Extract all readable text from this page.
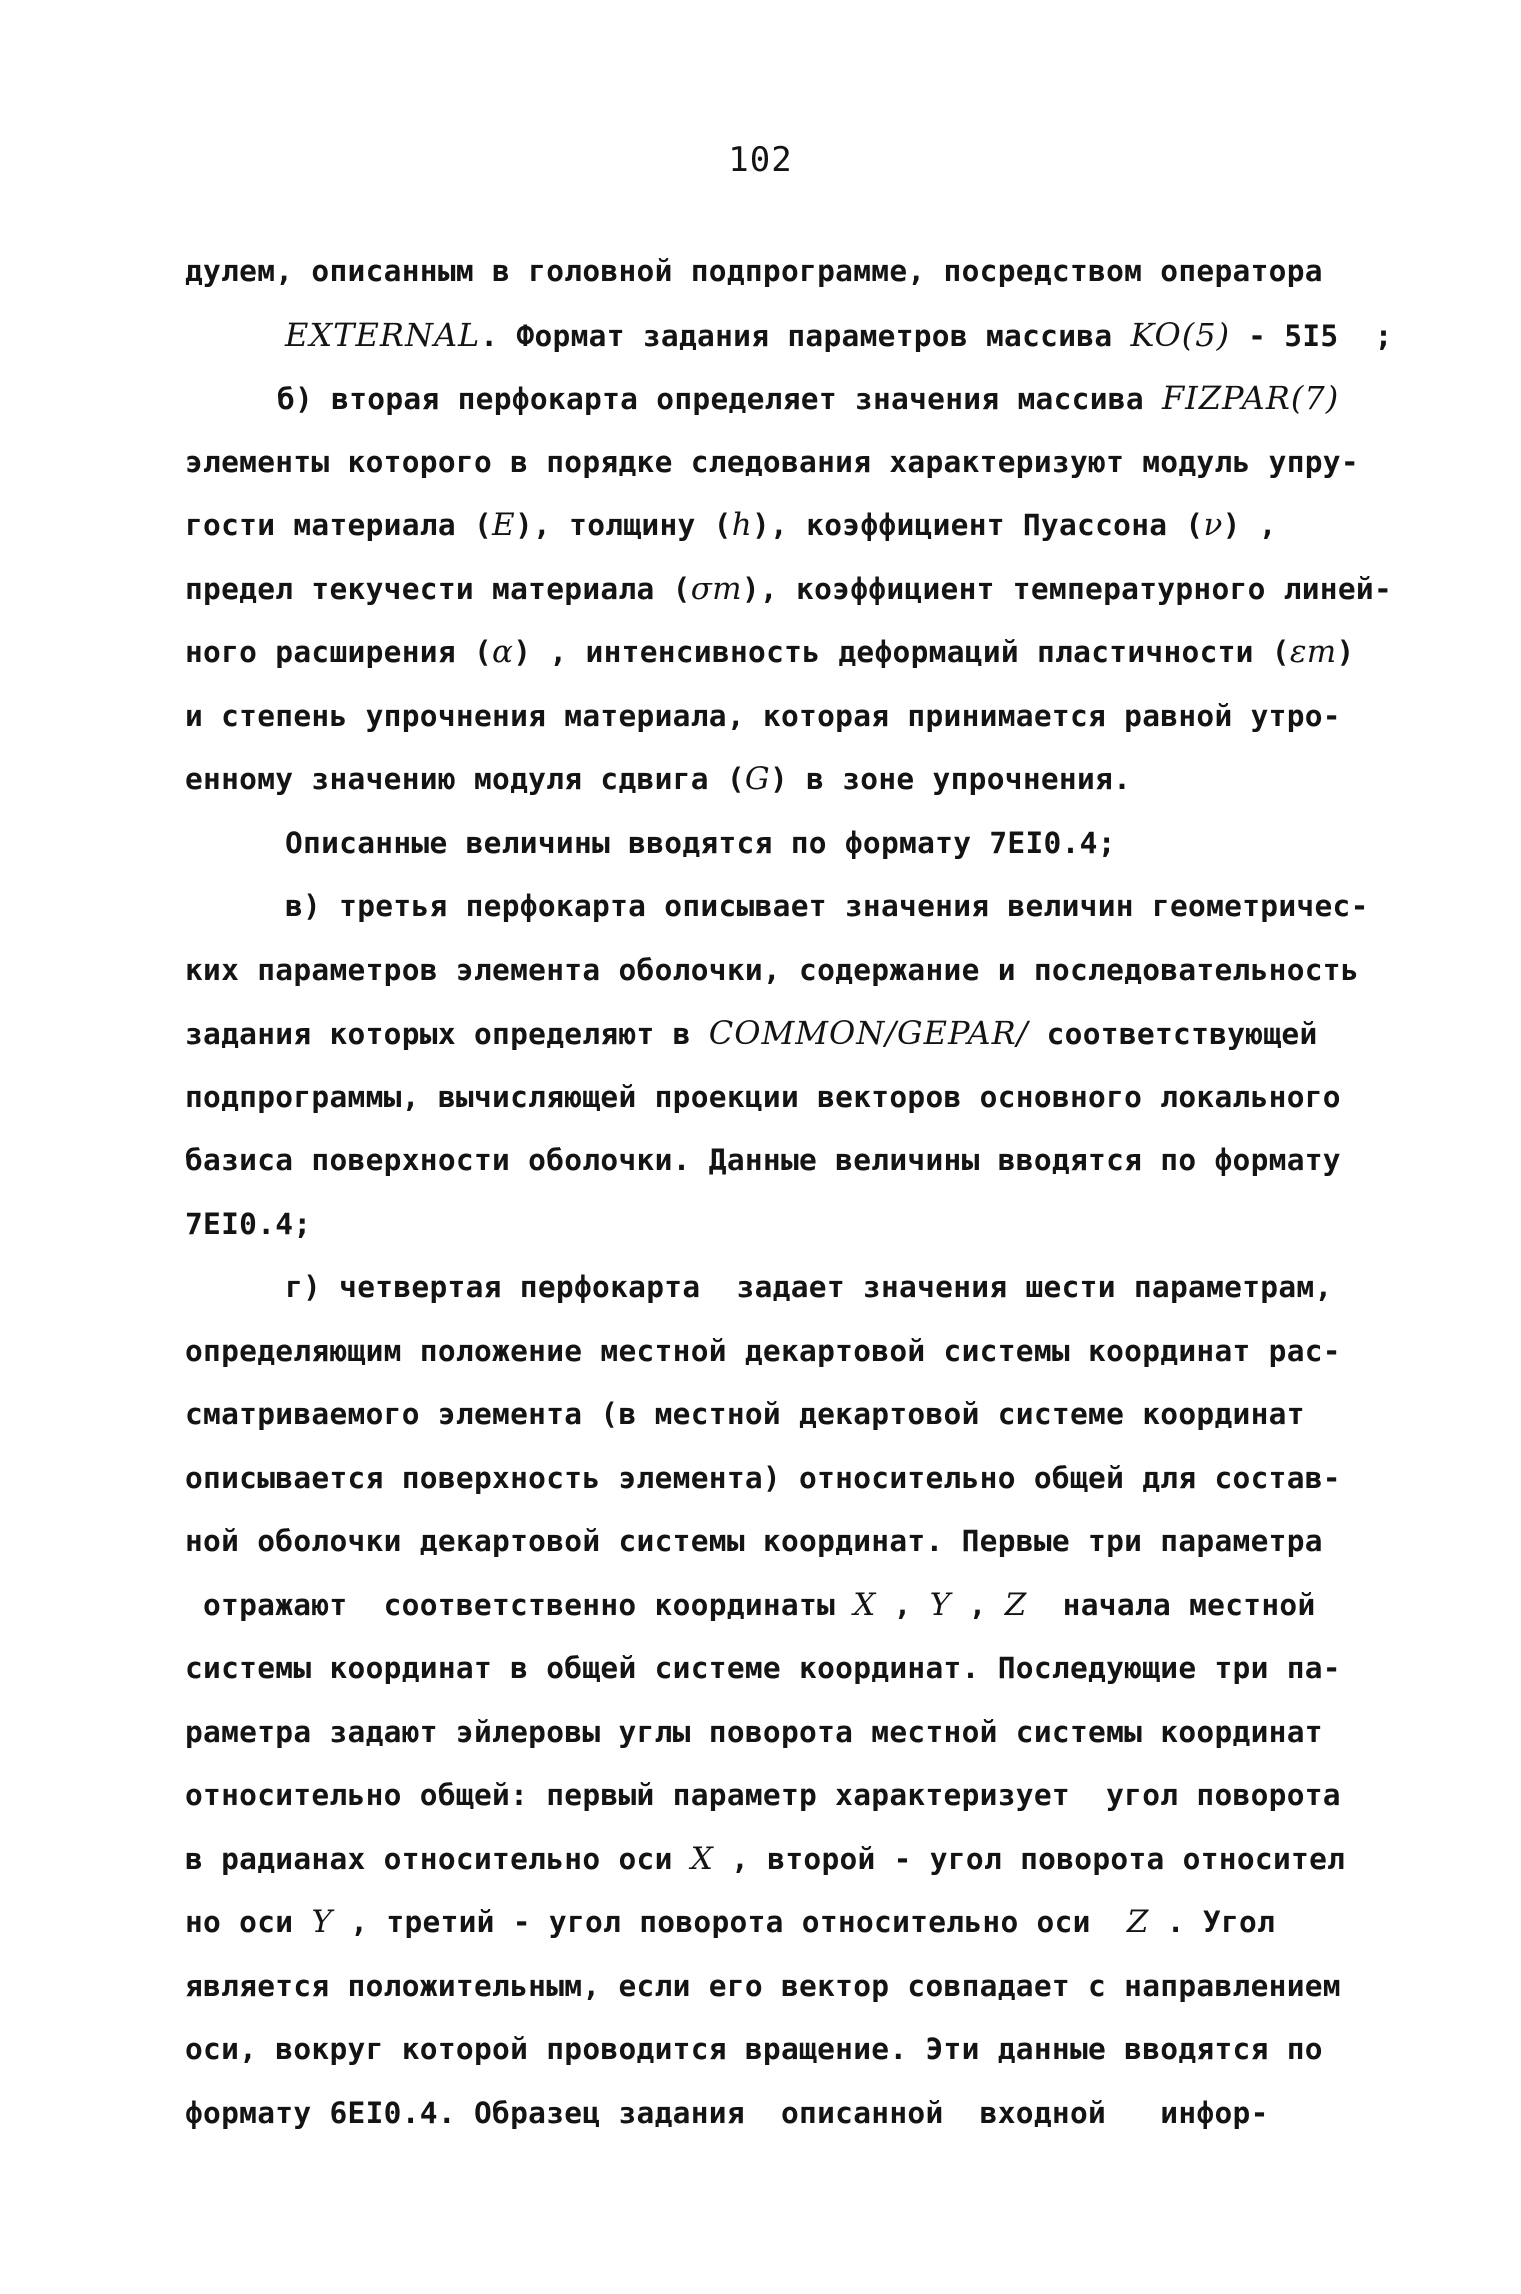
102
дулем, описанным в головной подпрограмме, посредством оператора
EXTERNAL. Формат задания параметров массива KO(5) - 5I5  ;
б) вторая перфокарта определяет значения массива FIZPAR(7)
элементы которого в порядке следования характеризуют модуль упру-
гости материала (E), толщину (h), коэффициент Пуассона (ν) ,
предел текучести материала (σт), коэффициент температурного линей-
ного расширения (α) , интенсивность деформаций пластичности (εт)
и степень упрочнения материала, которая принимается равной утро-
енному значению модуля сдвига (G) в зоне упрочнения.
Описанные величины вводятся по формату 7EI0.4;
в) третья перфокарта описывает значения величин геометричес-
ких параметров элемента оболочки, содержание и последовательность
задания которых определяют в COMMON/GEPAR/ соответствующей
подпрограммы, вычисляющей проекции векторов основного локального
базиса поверхности оболочки. Данные величины вводятся по формату
7EI0.4;
г) четвертая перфокарта  задает значения шести параметрам,
определяющим положение местной декартовой системы координат рас-
сматриваемого элемента (в местной декартовой системе координат
описывается поверхность элемента) относительно общей для состав-
ной оболочки декартовой системы координат. Первые три параметра
отражают  соответственно координаты X , Y , Z  начала местной
системы координат в общей системе координат. Последующие три па-
раметра задают эйлеровы углы поворота местной системы координат
относительно общей: первый параметр характеризует  угол поворота
в радианах относительно оси X , второй - угол поворота относител
но оси Y , третий - угол поворота относительно оси  Z . Угол
является положительным, если его вектор совпадает с направлением
оси, вокруг которой проводится вращение. Эти данные вводятся по
формату 6EI0.4. Образец задания  описанной  входной   инфор-
